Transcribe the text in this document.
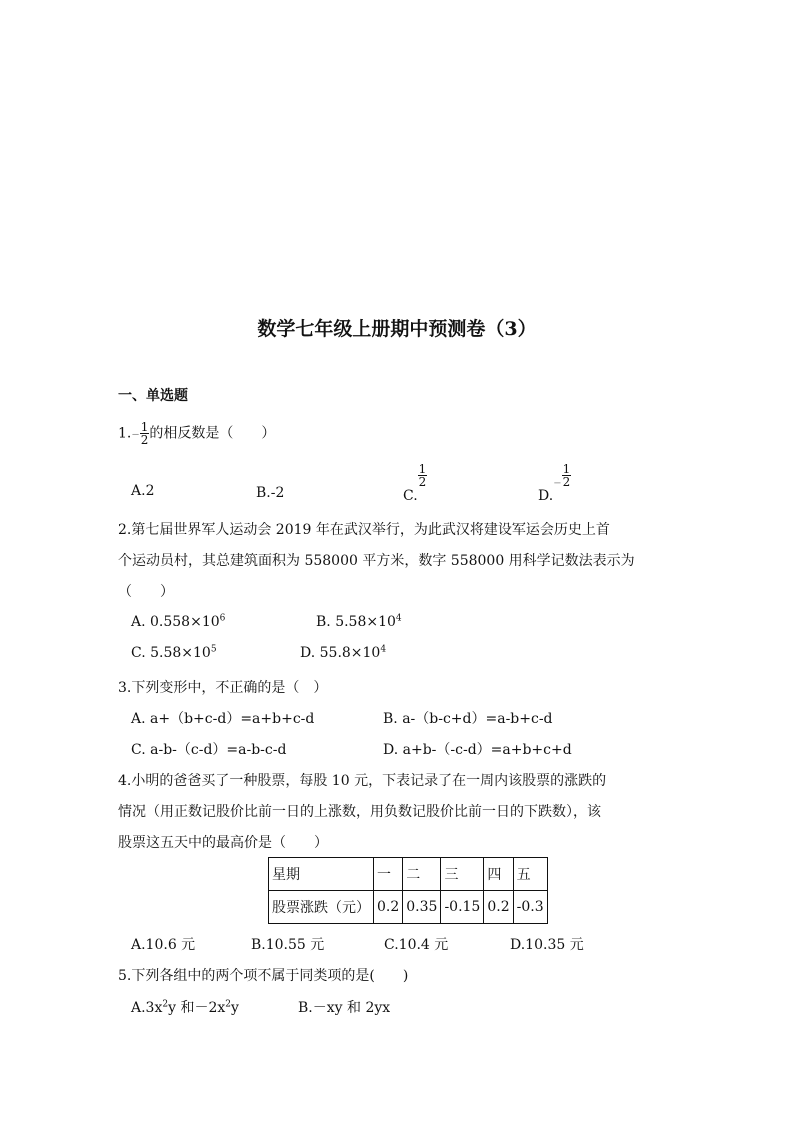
数学七年级上册期中预测卷（3）
一、单选题
$1.- \frac{1}{2}$ 的相反数是（　　）
A.2	B.-2	C.
$\frac{1}{2}$
$D.- \frac{1}{2}$
2.第七届世界军人运动会 2019 年在武汉举行，为此武汉将建设军运会历史上首
个运动员村，其总建筑面积为 558000 平方米，数字 558000 用科学记数法表示为
（　　）
A. $0.558\times 10^6$	B. $5.58\times 10^4$
C. $5.58\times 10^5$	D. $55.8\times 10^4$
3.下列变形中，不正确的是（　）
A. a+（b+c-d）=a+b+c-d	B. a-（b-c+d）=a-b+c-d
C. a-b-（c-d）=a-b-c-d	D. a+b-（-c-d）=a+b+c+d
4.小明的爸爸买了一种股票，每股 10 元，下表记录了在一周内该股票的涨跌的
情况（用正数记股价比前一日的上涨数，用负数记股价比前一日的下跌数），该
股票这五天中的最高价是（　　）
星期	一	二	三	四	五
股票涨跌（元）	0.2	0.35	-0.15	0.2	-0.3
A.10.6 元	B.10.55 元	C.10.4 元	D.10.35 元
5.下列各组中的两个项不属于同类项的是(　　)
$A.3x^2y$ 和$-2x^2y$	B.－xy 和 2yx
